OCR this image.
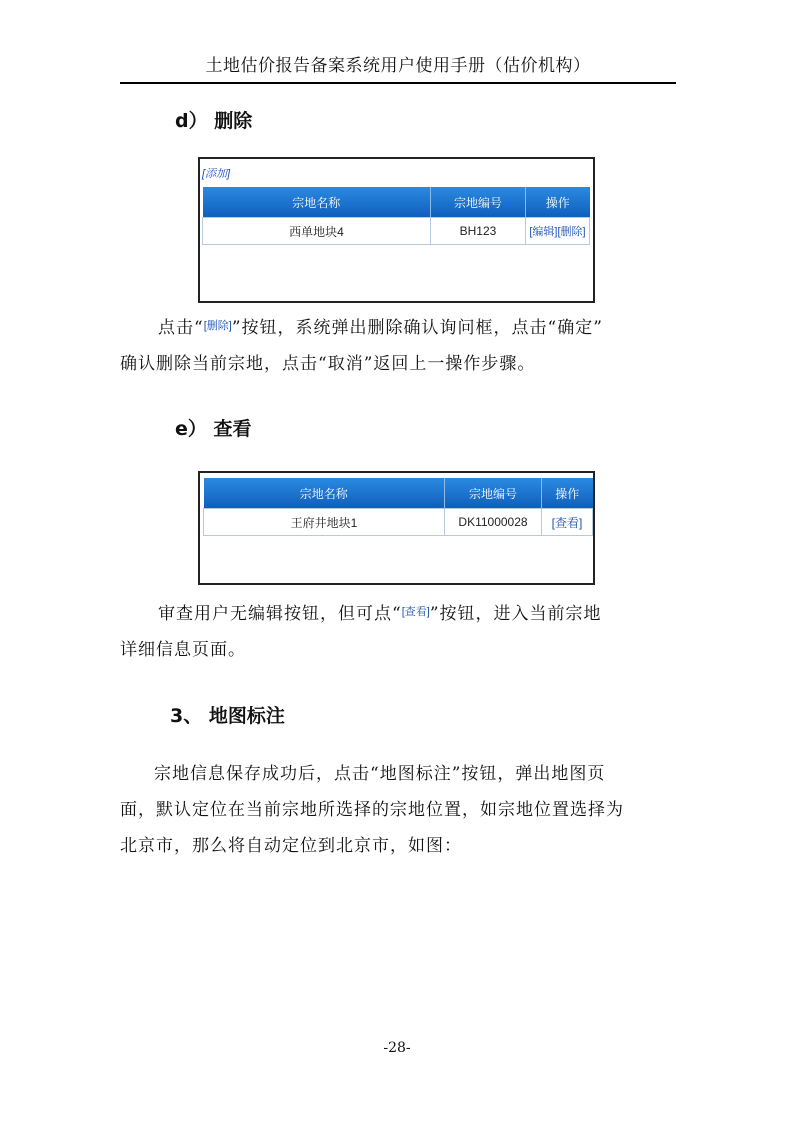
土地估价报告备案系统用户使用手册（估价机构）
d） 删除
[添加]
宗地名称	宗地编号	操作
西单地块4	BH123	[编辑][删除]
点击“[删除]”按钮，系统弹出删除确认询问框，点击“确定”
确认删除当前宗地，点击“取消”返回上一操作步骤。
e） 查看
宗地名称	宗地编号	操作
王府井地块1	DK11000028	[查看]
审查用户无编辑按钮，但可点“[查看]”按钮，进入当前宗地
详细信息页面。
3、 地图标注
宗地信息保存成功后，点击“地图标注”按钮，弹出地图页
面，默认定位在当前宗地所选择的宗地位置，如宗地位置选择为
北京市，那么将自动定位到北京市，如图：
-28-
